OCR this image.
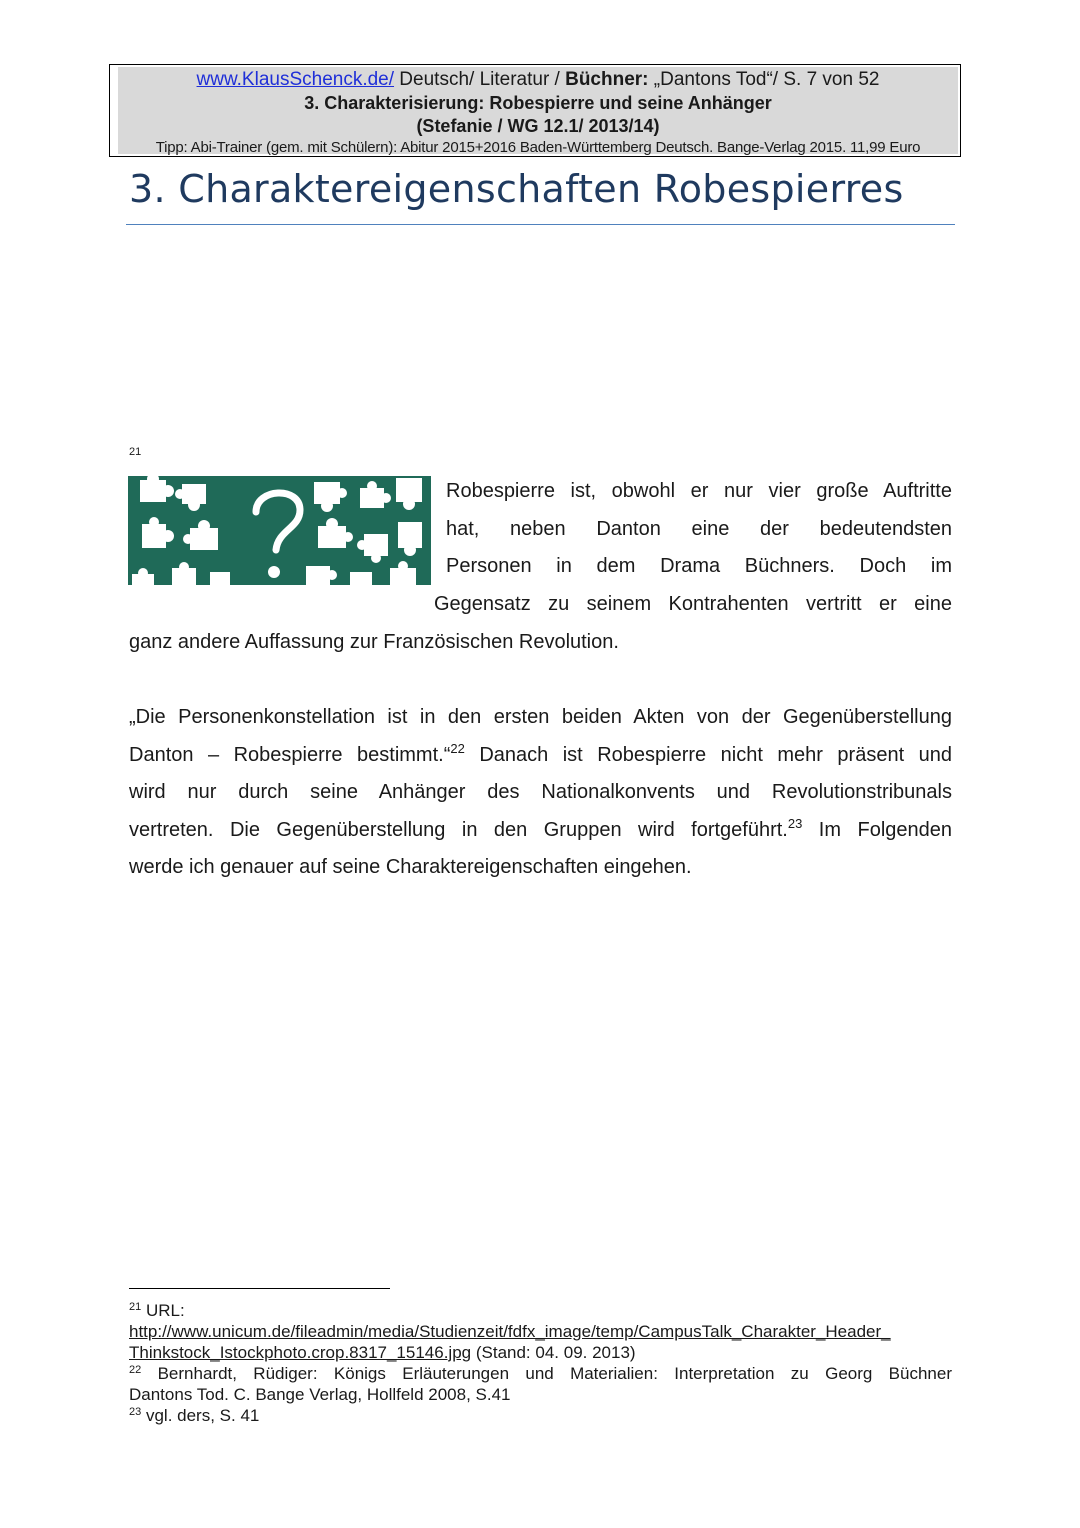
www.KlausSchenck.de/ Deutsch/ Literatur / Büchner: „Dantons Tod“/ S. 7 von 52
3. Charakterisierung: Robespierre und seine Anhänger
(Stefanie / WG 12.1/ 2013/14)
Tipp: Abi-Trainer (gem. mit Schülern): Abitur 2015+2016 Baden-Württemberg Deutsch. Bange-Verlag 2015. 11,99 Euro
3. Charaktereigenschaften Robespierres
21
Robespierre ist, obwohl er nur vier große Auftritte
hat, neben Danton eine der bedeutendsten
Personen in dem Drama Büchners. Doch im
Gegensatz zu seinem Kontrahenten vertritt er eine
ganz andere Auffassung zur Französischen Revolution.
„Die Personenkonstellation ist in den ersten beiden Akten von der Gegenüberstellung
Danton – Robespierre bestimmt.“$^{22}$ Danach ist Robespierre nicht mehr präsent und
wird nur durch seine Anhänger des Nationalkonvents und Revolutionstribunals
vertreten. Die Gegenüberstellung in den Gruppen wird fortgeführt.$^{23}$ Im Folgenden
werde ich genauer auf seine Charaktereigenschaften eingehen.
$^{21}$ URL:
http://www.unicum.de/fileadmin/media/Studienzeit/fdfx_image/temp/CampusTalk_Charakter_Header_
Thinkstock_Istockphoto.crop.8317_15146.jpg (Stand: 04. 09. 2013)
$^{22}$ Bernhardt, Rüdiger: Königs Erläuterungen und Materialien: Interpretation zu Georg Büchner
Dantons Tod. C. Bange Verlag, Hollfeld 2008, S.41
$^{23}$ vgl. ders, S. 41
